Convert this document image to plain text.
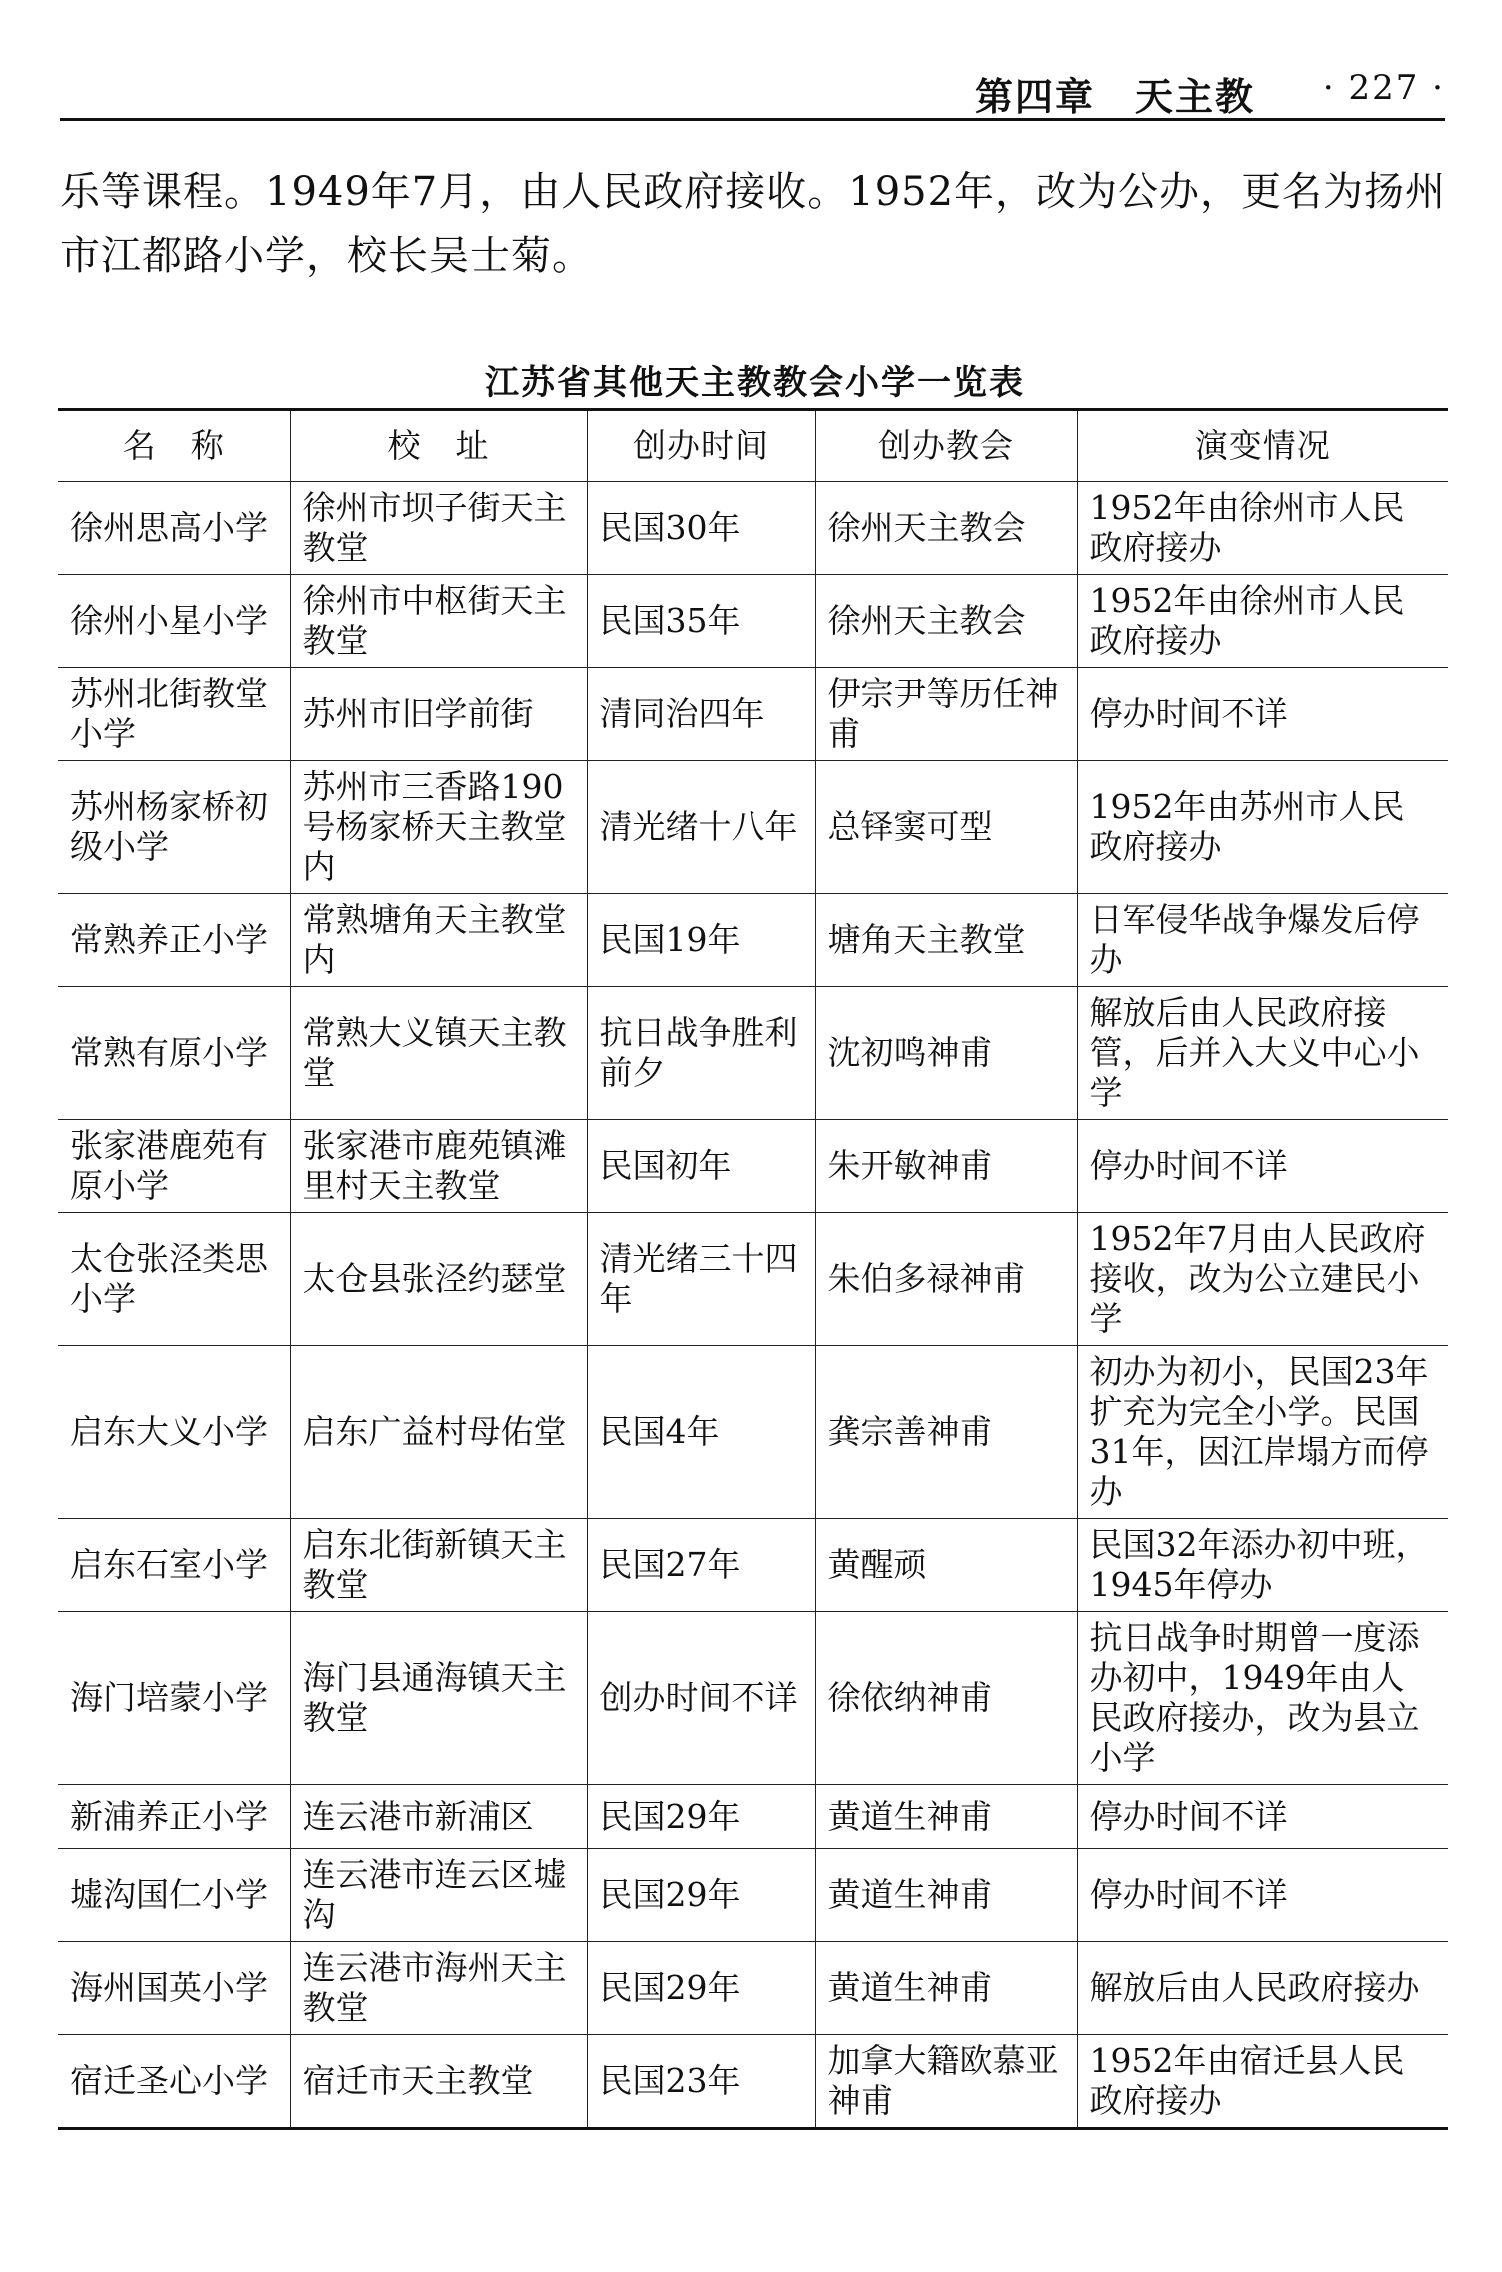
第四章　天主教 · 227 ·

乐等课程。1949年7月，由人民政府接收。1952年，改为公办，更名为扬州市江都路小学，校长吴士菊。

江苏省其他天主教教会小学一览表
名　称	校　址	创办时间	创办教会	演变情况
徐州思高小学	徐州市坝子街天主教堂	民国30年	徐州天主教会	1952年由徐州市人民政府接办
徐州小星小学	徐州市中枢街天主教堂	民国35年	徐州天主教会	1952年由徐州市人民政府接办
苏州北街教堂小学	苏州市旧学前街	清同治四年	伊宗尹等历任神甫	停办时间不详
苏州杨家桥初级小学	苏州市三香路190号杨家桥天主教堂内	清光绪十八年	总铎窦可型	1952年由苏州市人民政府接办
常熟养正小学	常熟塘角天主教堂内	民国19年	塘角天主教堂	日军侵华战争爆发后停办
常熟有原小学	常熟大义镇天主教堂	抗日战争胜利前夕	沈初鸣神甫	解放后由人民政府接管，后并入大义中心小学
张家港鹿苑有原小学	张家港市鹿苑镇滩里村天主教堂	民国初年	朱开敏神甫	停办时间不详
太仓张泾类思小学	太仓县张泾约瑟堂	清光绪三十四年	朱伯多禄神甫	1952年7月由人民政府接收，改为公立建民小学
启东大义小学	启东广益村母佑堂	民国4年	龚宗善神甫	初办为初小，民国23年扩充为完全小学。民国31年，因江岸塌方而停办
启东石室小学	启东北街新镇天主教堂	民国27年	黄醒顽	民国32年添办初中班，1945年停办
海门培蒙小学	海门县通海镇天主教堂	创办时间不详	徐依纳神甫	抗日战争时期曾一度添办初中，1949年由人民政府接办，改为县立小学
新浦养正小学	连云港市新浦区	民国29年	黄道生神甫	停办时间不详
墟沟国仁小学	连云港市连云区墟沟	民国29年	黄道生神甫	停办时间不详
海州国英小学	连云港市海州天主教堂	民国29年	黄道生神甫	解放后由人民政府接办
宿迁圣心小学	宿迁市天主教堂	民国23年	加拿大籍欧慕亚神甫	1952年由宿迁县人民政府接办
